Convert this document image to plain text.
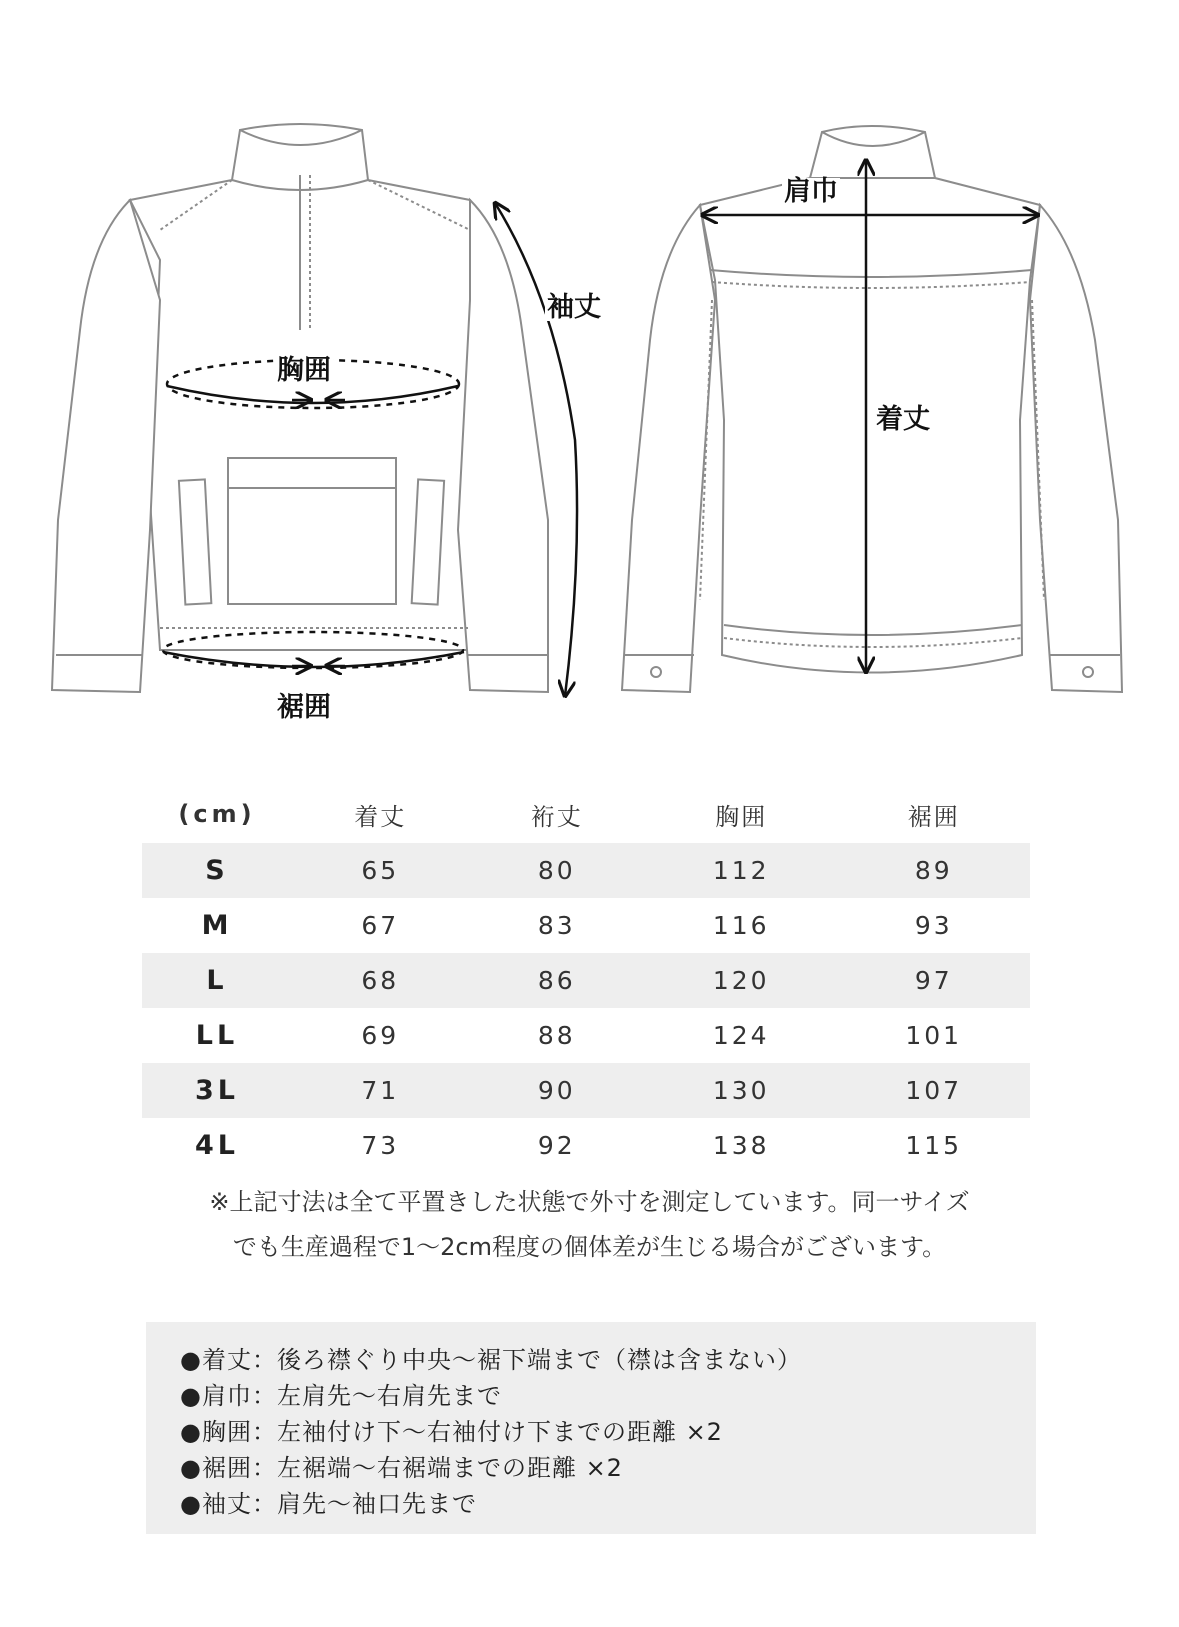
袖丈
胸囲
裾囲
肩巾
着丈
(cm)	着丈	裄丈	胸囲	裾囲
S	65	80	112	89
M	67	83	116	93
L	68	86	120	97
LL	69	88	124	101
3L	71	90	130	107
4L	73	92	138	115
※上記寸法は全て平置きした状態で外寸を測定しています。同一サイズ
でも生産過程で1〜2cm程度の個体差が生じる場合がございます。
●着丈：後ろ襟ぐり中央〜裾下端まで（襟は含まない）
●肩巾：左肩先〜右肩先まで
●胸囲：左袖付け下〜右袖付け下までの距離 ×2
●裾囲：左裾端〜右裾端までの距離 ×2
●袖丈：肩先〜袖口先まで
